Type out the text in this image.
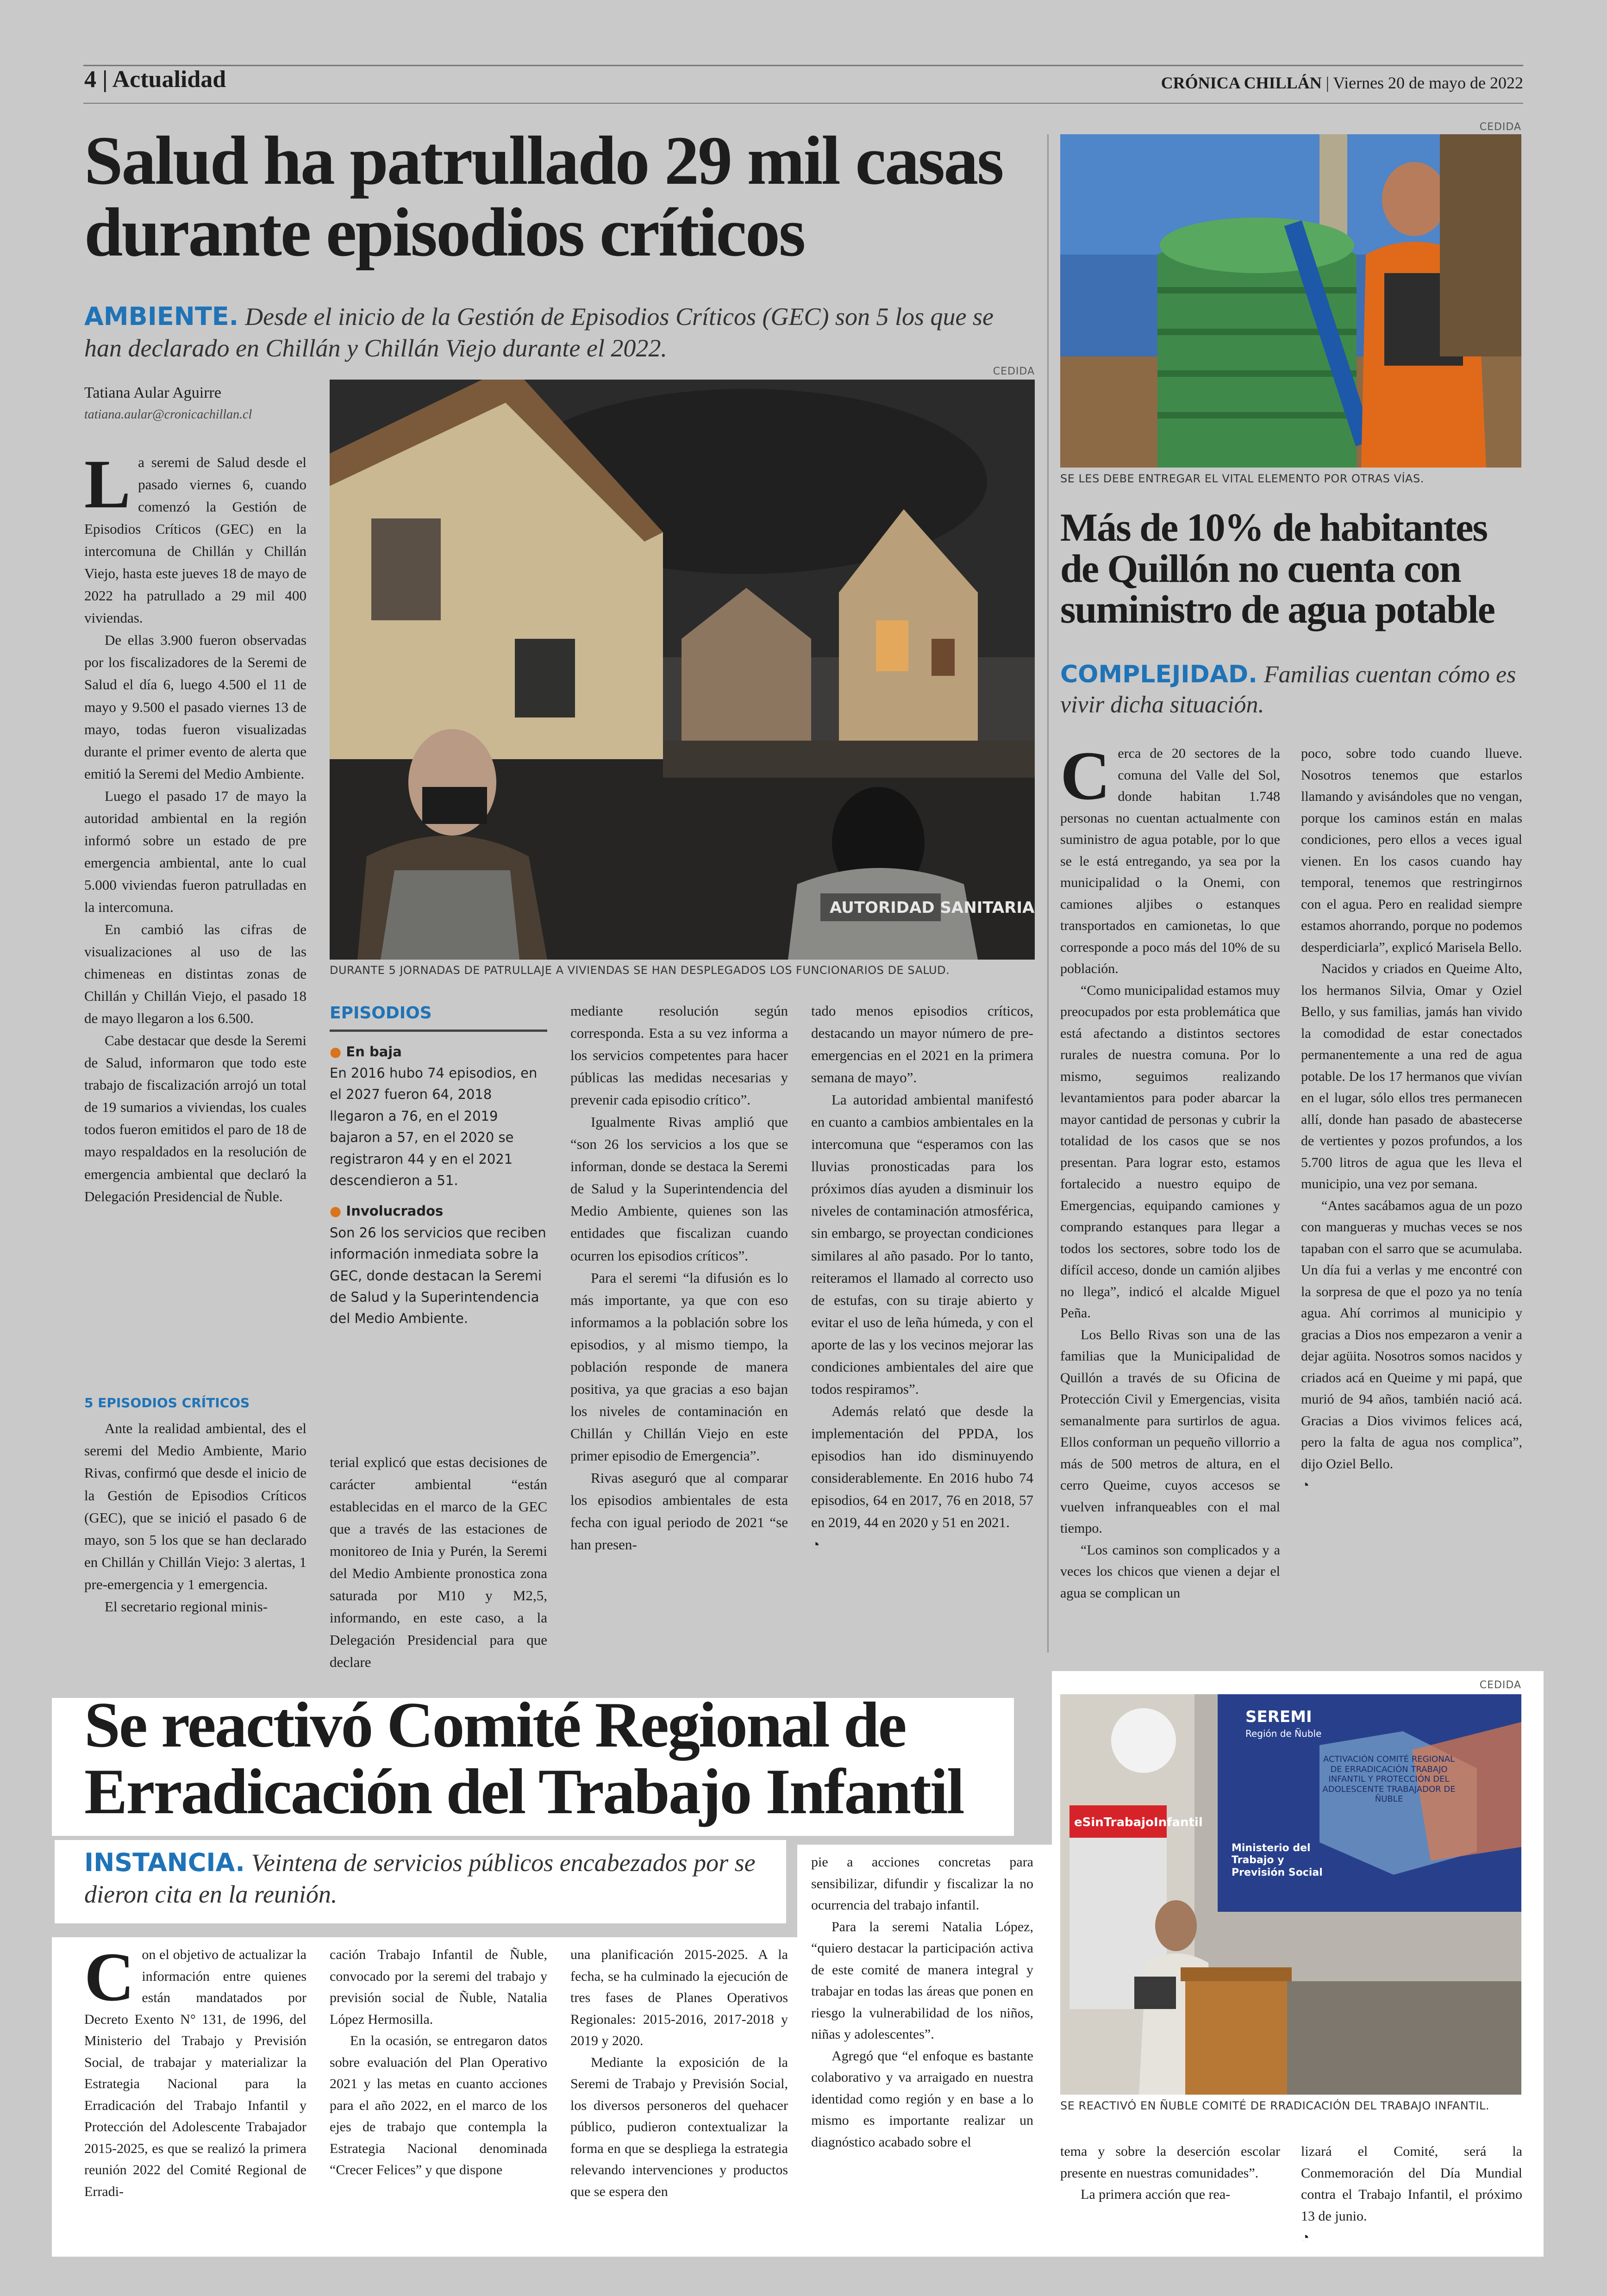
4 | Actualidad	CRÓNICA CHILLÁN | Viernes 20 de mayo de 2022
Salud ha patrullado 29 mil casas
durante episodios críticos
AMBIENTE. Desde el inicio de la Gestión de Episodios Críticos (GEC) son 5 los que se han declarado en Chillán y Chillán Viejo durante el 2022.
Tatiana Aular Aguirre
tatiana.aular@cronicachillan.cl
CEDIDA
AUTORIDAD SANITARIA
DURANTE 5 JORNADAS DE PATRULLAJE A VIVIENDAS SE HAN DESPLEGADOS LOS FUNCIONARIOS DE SALUD.

La seremi de Salud desde el pasado viernes 6, cuando comenzó la Gestión de Episodios Críticos (GEC) en la intercomuna de Chillán y Chillán Viejo, hasta este jueves 18 de mayo de 2022 ha patrullado a 29 mil 400 viviendas.

De ellas 3.900 fueron observadas por los fiscalizadores de la Seremi de Salud el día 6, luego 4.500 el 11 de mayo y 9.500 el pasado viernes 13 de mayo, todas fueron visualizadas durante el primer evento de alerta que emitió la Seremi del Medio Ambiente.

Luego el pasado 17 de mayo la autoridad ambiental en la región informó sobre un estado de pre emergencia ambiental, ante lo cual 5.000 viviendas fueron patrulladas en la intercomuna.

En cambió las cifras de visualizaciones al uso de las chimeneas en distintas zonas de Chillán y Chillán Viejo, el pasado 18 de mayo llegaron a los 6.500.

Cabe destacar que desde la Seremi de Salud, informaron que todo este trabajo de fiscalización arrojó un total de 19 sumarios a viviendas, los cuales todos fueron emitidos el paro de 18 de mayo respaldados en la resolución de emergencia ambiental que declaró la Delegación Presidencial de Ñuble.

5 EPISODIOS CRÍTICOS

Ante la realidad ambiental, des el seremi del Medio Ambiente, Mario Rivas, confirmó que desde el inicio de la Gestión de Episodios Críticos (GEC), que se inició el pasado 6 de mayo, son 5 los que se han declarado en Chillán y Chillán Viejo: 3 alertas, 1 pre-emergencia y 1 emergencia.

El secretario regional minis-

EPISODIOS
● En baja
En 2016 hubo 74 episodios, en el 2027 fueron 64, 2018 llegaron a 76, en el 2019 bajaron a 57, en el 2020 se registraron 44 y en el 2021 descendieron a 51.
● Involucrados
Son 26 los servicios que reciben información inmediata sobre la GEC, donde destacan la Seremi de Salud y la Superintendencia del Medio Ambiente.

terial explicó que estas decisiones de carácter ambiental “están establecidas en el marco de la GEC que a través de las estaciones de monitoreo de Inia y Purén, la Seremi del Medio Ambiente pronostica zona saturada por M10 y M2,5, informando, en este caso, a la Delegación Presidencial para que declare

mediante resolución según corresponda. Esta a su vez informa a los servicios competentes para hacer públicas las medidas necesarias y prevenir cada episodio crítico”.

Igualmente Rivas amplió que “son 26 los servicios a los que se informan, donde se destaca la Seremi de Salud y la Superintendencia del Medio Ambiente, quienes son las entidades que fiscalizan cuando ocurren los episodios críticos”.

Para el seremi “la difusión es lo más importante, ya que con eso informamos a la población sobre los episodios, y al mismo tiempo, la población responde de manera positiva, ya que gracias a eso bajan los niveles de contaminación en Chillán y Chillán Viejo en este primer episodio de Emergencia”.

Rivas aseguró que al comparar los episodios ambientales de esta fecha con igual periodo de 2021 “se han presen-

tado menos episodios críticos, destacando un mayor número de pre-emergencias en el 2021 en la primera semana de mayo”.

La autoridad ambiental manifestó en cuanto a cambios ambientales en la intercomuna que “esperamos con las lluvias pronosticadas para los próximos días ayuden a disminuir los niveles de contaminación atmosférica, sin embargo, se proyectan condiciones similares al año pasado. Por lo tanto, reiteramos el llamado al correcto uso de estufas, con su tiraje abierto y evitar el uso de leña húmeda, y con el aporte de las y los vecinos mejorar las condiciones ambientales del aire que todos respiramos”.

Además relató que desde la implementación del PPDA, los episodios han ido disminuyendo considerablemente. En 2016 hubo 74 episodios, 64 en 2017, 76 en 2018, 57 en 2019, 44 en 2020 y 51 en 2021.

◔
CEDIDA
SE LES DEBE ENTREGAR EL VITAL ELEMENTO POR OTRAS VÍAS.
Más de 10% de habitantes
de Quillón no cuenta con
suministro de agua potable
COMPLEJIDAD. Familias cuentan cómo es vivir dicha situación.

Cerca de 20 sectores de la comuna del Valle del Sol, donde habitan 1.748 personas no cuentan actualmente con suministro de agua potable, por lo que se le está entregando, ya sea por la municipalidad o la Onemi, con camiones aljibes o estanques transportados en camionetas, lo que corresponde a poco más del 10% de su población.

“Como municipalidad estamos muy preocupados por esta problemática que está afectando a distintos sectores rurales de nuestra comuna. Por lo mismo, seguimos realizando levantamientos para poder abarcar la mayor cantidad de personas y cubrir la totalidad de los casos que se nos presentan. Para lograr esto, estamos fortalecido a nuestro equipo de Emergencias, equipando camiones y comprando estanques para llegar a todos los sectores, sobre todo los de difícil acceso, donde un camión aljibes no llega”, indicó el alcalde Miguel Peña.

Los Bello Rivas son una de las familias que la Municipalidad de Quillón a través de su Oficina de Protección Civil y Emergencias, visita semanalmente para surtirlos de agua. Ellos conforman un pequeño villorrio a más de 500 metros de altura, en el cerro Queime, cuyos accesos se vuelven infranqueables con el mal tiempo.

“Los caminos son complicados y a veces los chicos que vienen a dejar el agua se complican un

poco, sobre todo cuando llueve. Nosotros tenemos que estarlos llamando y avisándoles que no vengan, porque los caminos están en malas condiciones, pero ellos a veces igual vienen. En los casos cuando hay temporal, tenemos que restringirnos con el agua. Pero en realidad siempre estamos ahorrando, porque no podemos desperdiciarla”, explicó Marisela Bello.

Nacidos y criados en Queime Alto, los hermanos Silvia, Omar y Oziel Bello, y sus familias, jamás han vivido la comodidad de estar conectados permanentemente a una red de agua potable. De los 17 hermanos que vivían en el lugar, sólo ellos tres permanecen allí, donde han pasado de abastecerse de vertientes y pozos profundos, a los 5.700 litros de agua que les lleva el municipio, una vez por semana.

“Antes sacábamos agua de un pozo con mangueras y muchas veces se nos tapaban con el sarro que se acumulaba. Un día fui a verlas y me encontré con la sorpresa de que el pozo ya no tenía agua. Ahí corrimos al municipio y gracias a Dios nos empezaron a venir a dejar agüita. Nosotros somos nacidos y criados acá en Queime y mi papá, que murió de 94 años, también nació acá. Gracias a Dios vivimos felices acá, pero la falta de agua nos complica”, dijo Oziel Bello.

◔
Se reactivó Comité Regional de
Erradicación del Trabajo Infantil
INSTANCIA. Veintena de servicios públicos encabezados por se dieron cita en la reunión.
CEDIDA
eSinTrabajoInfantil
SEREMI
Región de Ñuble
ACTIVACIÓN COMITÉ REGIONAL DE ERRADICACIÓN TRABAJO INFANTIL Y PROTECCIÓN DEL ADOLESCENTE TRABAJADOR DE ÑUBLE
Ministerio del Trabajo y Previsión Social
SE REACTIVÓ EN ÑUBLE COMITÉ DE RRADICACIÓN DEL TRABAJO INFANTIL.

Con el objetivo de actualizar la información entre quienes están mandatados por Decreto Exento N° 131, de 1996, del Ministerio del Trabajo y Previsión Social, de trabajar y materializar la Estrategia Nacional para la Erradicación del Trabajo Infantil y Protección del Adolescente Trabajador 2015-2025, es que se realizó la primera reunión 2022 del Comité Regional de Erradi-

cación Trabajo Infantil de Ñuble, convocado por la seremi del trabajo y previsión social de Ñuble, Natalia López Hermosilla.

En la ocasión, se entregaron datos sobre evaluación del Plan Operativo 2021 y las metas en cuanto acciones para el año 2022, en el marco de los ejes de trabajo que contempla la Estrategia Nacional denominada “Crecer Felices” y que dispone

una planificación 2015-2025. A la fecha, se ha culminado la ejecución de tres fases de Planes Operativos Regionales: 2015-2016, 2017-2018 y 2019 y 2020.

Mediante la exposición de la Seremi de Trabajo y Previsión Social, los diversos personeros del quehacer público, pudieron contextualizar la forma en que se despliega la estrategia relevando intervenciones y productos que se espera den

pie a acciones concretas para sensibilizar, difundir y fiscalizar la no ocurrencia del trabajo infantil.

Para la seremi Natalia López, “quiero destacar la participación activa de este comité de manera integral y trabajar en todas las áreas que ponen en riesgo la vulnerabilidad de los niños, niñas y adolescentes”.

Agregó que “el enfoque es bastante colaborativo y va arraigado en nuestra identidad como región y en base a lo mismo es importante realizar un diagnóstico acabado sobre el

tema y sobre la deserción escolar presente en nuestras comunidades”.

La primera acción que rea-

lizará el Comité, será la Conmemoración del Día Mundial contra el Trabajo Infantil, el próximo 13 de junio.

◔
